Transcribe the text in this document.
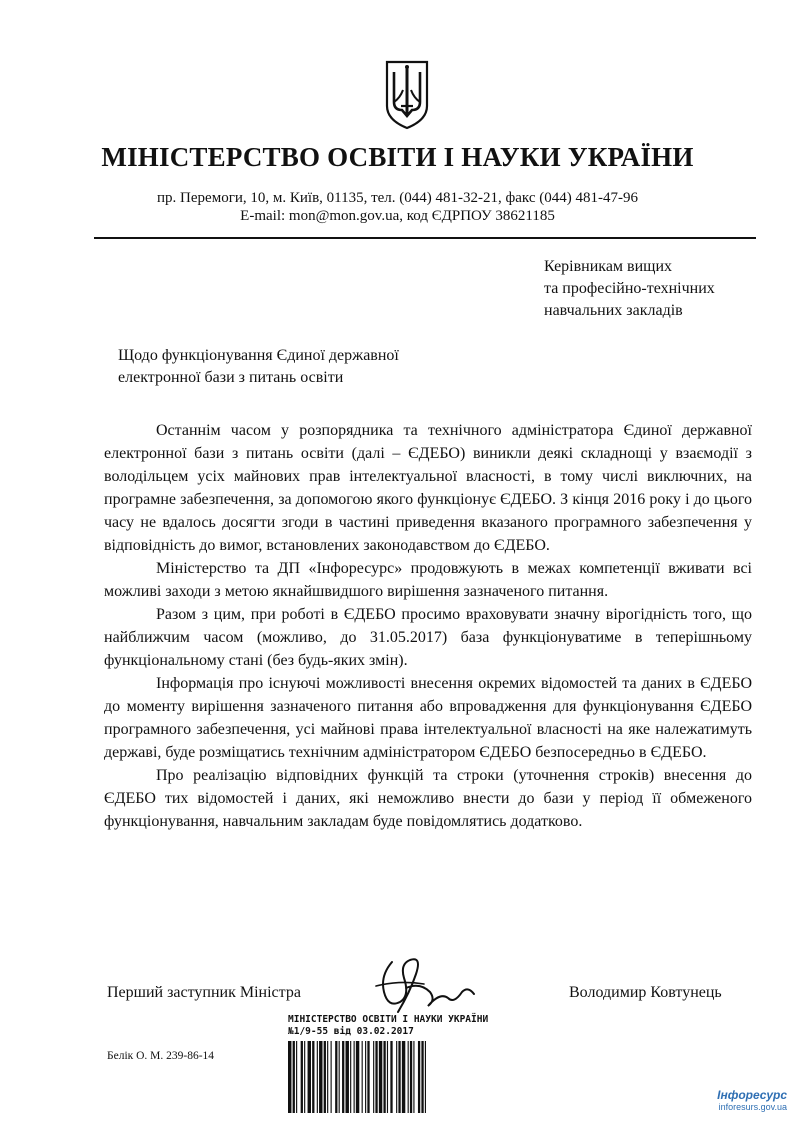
МІНІСТЕРСТВО ОСВІТИ І НАУКИ УКРАЇНИ
пр. Перемоги, 10, м. Київ, 01135, тел. (044) 481-32-21, факс (044) 481-47-96
E-mail: mon@mon.gov.ua, код ЄДРПОУ 38621185
Керівникам вищих
та професійно-технічних
навчальних закладів
Щодо функціонування Єдиної державної
електронної бази з питань освіти

Останнім часом у розпорядника та технічного адміністратора Єдиної державної електронної бази з питань освіти (далі – ЄДЕБО) виникли деякі складнощі у взаємодії з володільцем усіх майнових прав інтелектуальної власності, в тому числі виключних, на програмне забезпечення, за допомогою якого функціонує ЄДЕБО. З кінця 2016 року і до цього часу не вдалось досягти згоди в частині приведення вказаного програмного забезпечення у відповідність до вимог, встановлених законодавством до ЄДЕБО.

Міністерство та ДП «Інфоресурс» продовжують в межах компетенції вживати всі можливі заходи з метою якнайшвидшого вирішення зазначеного питання.

Разом з цим, при роботі в ЄДЕБО просимо враховувати значну вірогідність того, що найближчим часом (можливо, до 31.05.2017) база функціонуватиме в теперішньому функціональному стані (без будь-яких змін).

Інформація про існуючі можливості внесення окремих відомостей та даних в ЄДЕБО до моменту вирішення зазначеного питання або впровадження для функціонування ЄДЕБО програмного забезпечення, усі майнові права інтелектуальної власності на яке належатимуть державі, буде розміщатись технічним адміністратором ЄДЕБО безпосередньо в ЄДЕБО.

Про реалізацію відповідних функцій та строки (уточнення строків) внесення до ЄДЕБО тих відомостей і даних, які неможливо внести до бази у період її обмеженого функціонування, навчальним закладам буде повідомлятись додатково.

Перший заступник Міністра	Володимир Ковтунець
МІНІСТЕРСТВО ОСВІТИ І НАУКИ УКРАЇНИ
№1/9-55 від 03.02.2017
Белік О. М. 239-86-14
Інфоресурс
inforesurs.gov.ua
